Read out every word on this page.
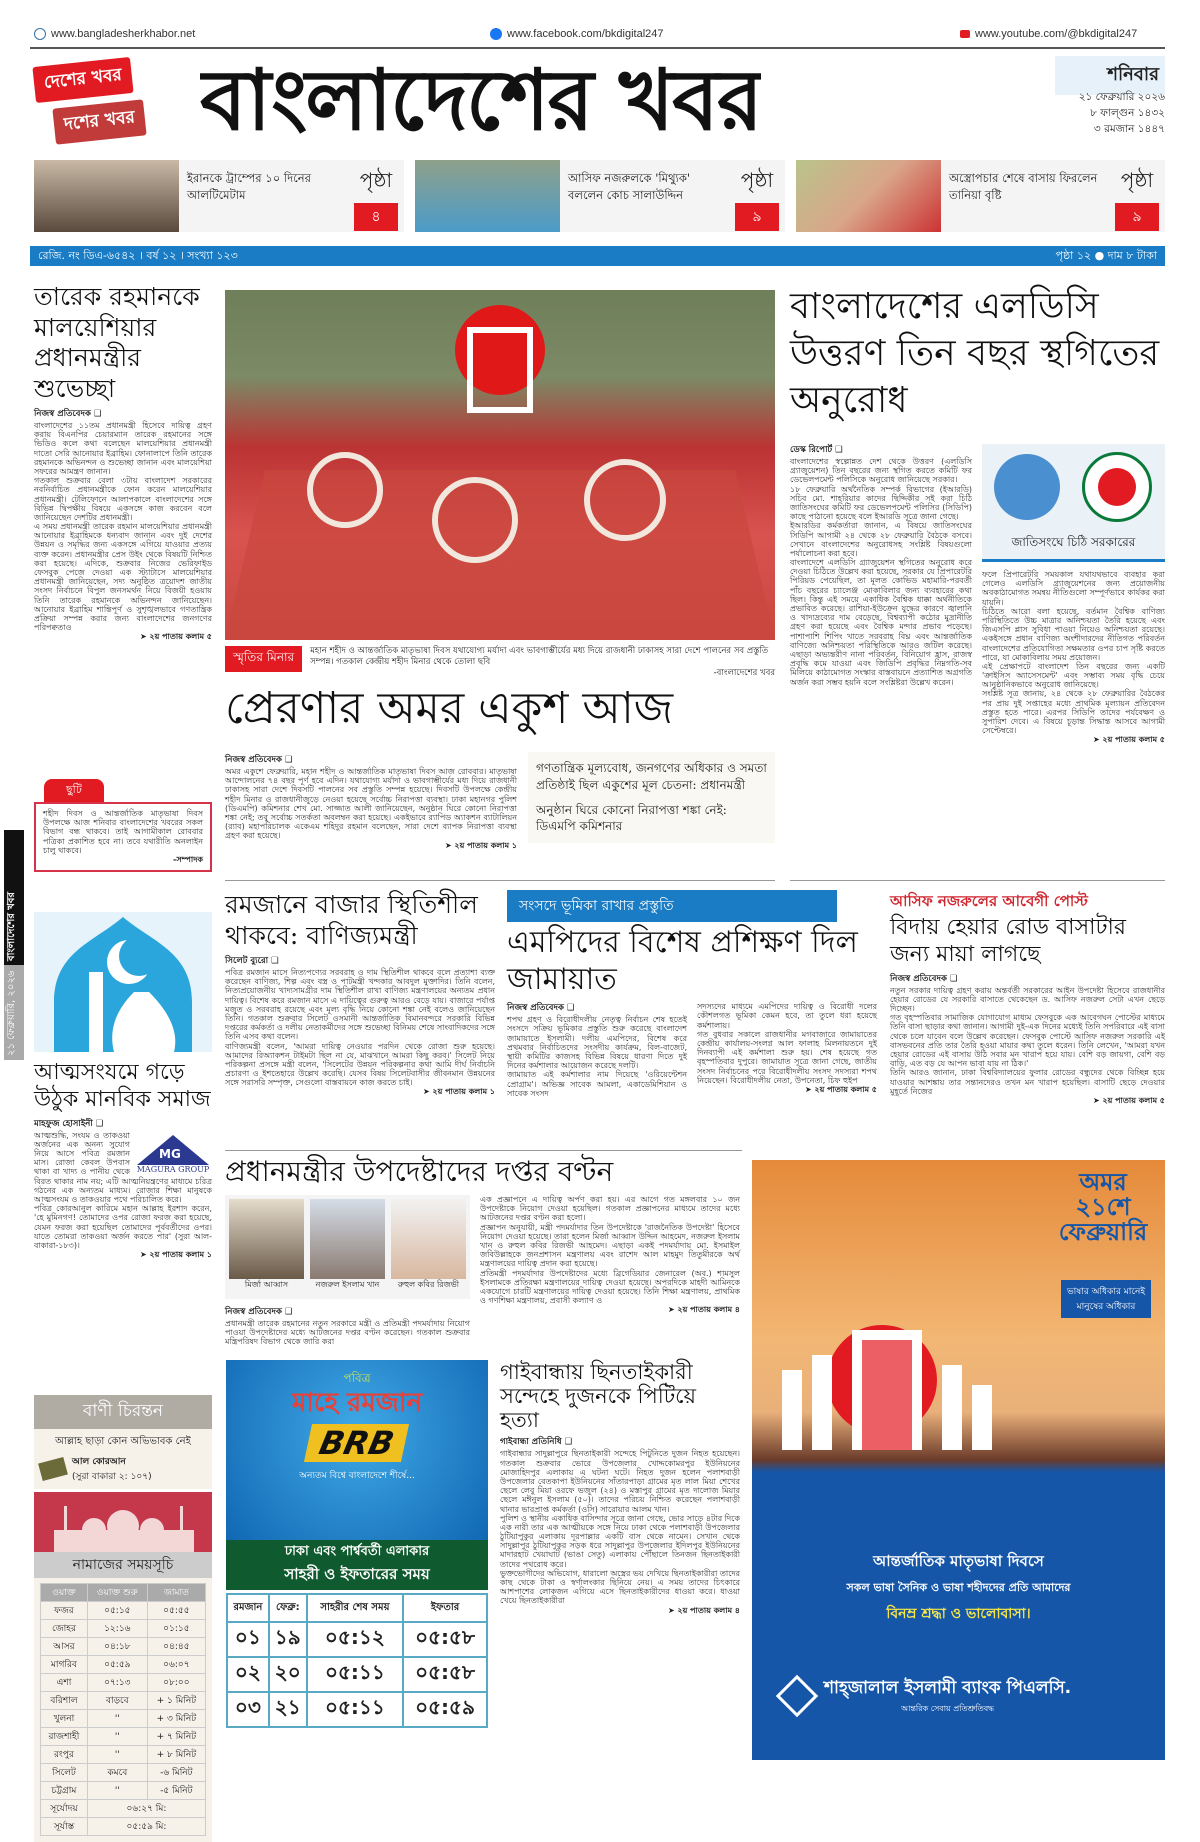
www.bangladesherkhabor.net	www.facebook.com/bkdigital247	www.youtube.com/@bkdigital247
দেশের খবর
দশের খবর বাংলাদেশের খবর	শনিবার
২১ ফেব্রুয়ারি ২০২৬
৮ ফাল্গুন ১৪৩২
৩ রমজান ১৪৪৭
ইরানকে ট্রাম্পের ১০ দিনের আলটিমেটাম
পৃষ্ঠা
৪
আসিফ নজরুলকে 'মিথ্যুক' বললেন কোচ সালাউদ্দিন
পৃষ্ঠা
৯
অস্ত্রোপচার শেষে বাসায় ফিরলেন তানিয়া বৃষ্টি
পৃষ্ঠা
৯
রেজি. নং ডিএ-৬৫৪২ । বর্ষ ১২ । সংখ্যা ১২৩	পৃষ্ঠা ১২ ● দাম ৮ টাকা
২১ ফেব্রুয়ারি, ২০২৬
বাংলাদেশের খবর
তারেক রহমানকে মালয়েশিয়ার প্রধানমন্ত্রীর শুভেচ্ছা
নিজস্ব প্রতিবেদক ❑

বাংলাদেশের ১১তম প্রধানমন্ত্রী হিসেবে দায়িত্ব গ্রহণ করায় বিএনপির চেয়ারম্যান তারেক রহমানের সঙ্গে ভিডিও কলে কথা বলেছেন মালয়েশিয়ার প্রধানমন্ত্রী দাতো সেরি আনোয়ার ইব্রাহিম। ফোনালাপে তিনি তারেক রহমানকে অভিনন্দন ও শুভেচ্ছা জানান এবং মালয়েশিয়া সফরের আমন্ত্রণ জানান।

গতকাল শুক্রবার বেলা ৩টায় বাংলাদেশ সরকারের নবনির্বাচিত প্রধানমন্ত্রীকে ফোন করেন মালয়েশিয়ার প্রধানমন্ত্রী। টেলিফোনে আলাপকালে বাংলাদেশের সঙ্গে বিভিন্ন দ্বিপক্ষীয় বিষয়ে একসঙ্গে কাজ করবেন বলে জানিয়েছেন দেশটির প্রধানমন্ত্রী।

এ সময় প্রধানমন্ত্রী তারেক রহমান মালয়েশিয়ার প্রধানমন্ত্রী আনোয়ার ইব্রাহিমকে ধন্যবাদ জানান এবং দুই দেশের উন্নয়ন ও সমৃদ্ধির জন্য একসঙ্গে এগিয়ে যাওয়ার প্রত্যয় ব্যক্ত করেন। প্রধানমন্ত্রীর প্রেস উইং থেকে বিষয়টি নিশ্চিত করা হয়েছে। এদিকে, শুক্রবার নিজের ভেরিফাইড ফেসবুক পেজে দেওয়া এক স্ট্যাটাসে মালয়েশিয়ার প্রধানমন্ত্রী জানিয়েছেন, সদ্য অনুষ্ঠিত ত্রয়োদশ জাতীয় সংসদ নির্বাচনে বিপুল জনসমর্থন নিয়ে বিজয়ী হওয়ায় তিনি তারেক রহমানকে অভিনন্দন জানিয়েছেন। আনোয়ার ইব্রাহিম শান্তিপূর্ণ ও সুশৃঙ্খলভাবে গণতান্ত্রিক প্রক্রিয়া সম্পন্ন করার জন্য বাংলাদেশের জনগণের পরিপক্বতাও

➤ ২য় পাতায় কলাম ৫
ছুটি
শহীদ দিবস ও আন্তর্জাতিক মাতৃভাষা দিবস উপলক্ষে আজ শনিবার বাংলাদেশের খবরের সকল বিভাগ বন্ধ থাকবে। তাই আগামীকাল রোববার পত্রিকা প্রকাশিত হবে না। তবে যথারীতি অনলাইন চালু থাকবে।
-সম্পাদক
আত্মসংযমে গড়ে উঠুক মানবিক সমাজ
মাহফুজ হোসাইনী ❑
MG
MAGURA GROUP

আত্মশুদ্ধি, সংযম ও তাকওয়া অর্জনের এক অনন্য সুযোগ নিয়ে আসে পবিত্র রমজান মাস। রোজা কেবল উপবাস থাকা বা খাদ্য ও পানীয় থেকে বিরত থাকার নাম নয়; এটি আত্মনিয়ন্ত্রণের মাধ্যমে চরিত্র গঠনের এক অন্যতম মাধ্যম। রোজার শিক্ষা মানুষকে আত্মসংযম ও তাকওয়ার পথে পরিচালিত করে।

পবিত্র কোরআনুল কারিমে মহান আল্লাহ ইরশাদ করেন, 'হে মুমিনগণ! তোমাদের ওপর রোজা ফরজ করা হয়েছে, যেমন ফরজ করা হয়েছিল তোমাদের পূর্ববর্তীদের ওপর। যাতে তোমরা তাকওয়া অর্জন করতে পার' (সুরা আল-বাকারা-১৮৩)।

➤ ২য় পাতায় কলাম ১
বাণী চিরন্তন
আল্লাহ ছাড়া কোন অভিভাবক নেই
আল কোরআন
(সুরা বাকারা ২: ১০৭)
নামাজের সময়সূচি
ওয়াক্ত	ওয়াক্ত শুরু	জামাত
ফজর	০৫:১৫	০৫:৫৫
জোহর	১২:১৬	০১:১৫
আসর	০৪:১৮	০৪:৪৫
মাগরিব	০৫:৫৯	০৬:০৭
এশা	০৭:১৩	০৮:০০
বরিশাল	বাড়বে	+ ১ মিনিট
খুলনা	''	+ ৩ মিনিট
রাজশাহী	''	+ ৭ মিনিট
রংপুর	''	+ ৮ মিনিট
সিলেট	কমবে	-৬ মিনিট
চট্টগ্রাম	''	-৫ মিনিট
সূর্যোদয়	০৬:২৭ মি:	
সূর্যাস্ত	০৫:৫৯ মি:	
স্মৃতির মিনার	মহান শহীদ ও আন্তর্জাতিক মাতৃভাষা দিবস যথাযোগ্য মর্যাদা এবং ভাবগাম্ভীর্যের মধ্য দিয়ে রাজধানী ঢাকাসহ সারা দেশে পালনের সব প্রস্তুতি সম্পন্ন। গতকাল কেন্দ্রীয় শহীদ মিনার থেকে তোলা ছবি
-বাংলাদেশের খবর
প্রেরণার অমর একুশ আজ
নিজস্ব প্রতিবেদক ❑

অমর একুশে ফেব্রুয়ারি, মহান শহীদ ও আন্তর্জাতিক মাতৃভাষা দিবস আজ রোববার। মাতৃভাষা আন্দোলনের ৭৪ বছর পূর্ণ হবে এদিন। যথাযোগ্য মর্যাদা ও ভাবগাম্ভীর্যের মধ্য দিয়ে রাজধানী ঢাকাসহ সারা দেশে দিবসটি পালনের সব প্রস্তুতি সম্পন্ন হয়েছে। দিবসটি উপলক্ষে কেন্দ্রীয় শহীদ মিনার ও রাজধানীজুড়ে নেওয়া হয়েছে সর্বোচ্চ নিরাপত্তা ব্যবস্থা। ঢাকা মহানগর পুলিশ (ডিএমপি) কমিশনার শেখ মো. সাজ্জাত আলী জানিয়েছেন, অনুষ্ঠান ঘিরে কোনো নিরাপত্তা শঙ্কা নেই; তবু সর্বোচ্চ সতর্কতা অবলম্বন করা হয়েছে। একইভাবে র‍্যাপিড অ্যাকশন ব্যাটালিয়ন (র‍্যাব) মহাপরিচালক একেএম শহিদুর রহমান বলেছেন, সারা দেশে ব্যাপক নিরাপত্তা ব্যবস্থা গ্রহণ করা হয়েছে।

➤ ২য় পাতায় কলাম ১
গণতান্ত্রিক মূল্যবোধ, জনগণের অধিকার ও সমতা প্রতিষ্ঠাই ছিল একুশের মূল চেতনা: প্রধানমন্ত্রী
অনুষ্ঠান ঘিরে কোনো নিরাপত্তা শঙ্কা নেই: ডিএমপি কমিশনার
বাংলাদেশের এলডিসি উত্তরণ তিন বছর স্থগিতের অনুরোধ
ডেস্ক রিপোর্ট ❑

বাংলাদেশের স্বল্পোন্নত দেশ থেকে উত্তরণ (এলডিসি গ্র্যাজুয়েশন) তিন বছরের জন্য স্থগিত করতে কমিটি ফর ডেভেলপমেন্ট পলিসিকে অনুরোধ জানিয়েছে সরকার।

১৮ ফেব্রুয়ারি অর্থনৈতিক সম্পর্ক বিভাগের (ইআরডি) সচিব মো. শাহরিয়ার কাদের ছিদ্দিকীর সই করা চিঠি জাতিসংঘের কমিটি ফর ডেভেলপমেন্ট পলিসির (সিডিপি) কাছে পাঠানো হয়েছে বলে ইআরডি সূত্রে জানা গেছে।

ইআরডির কর্মকর্তারা জানান, এ বিষয়ে জাতিসংঘের সিডিপি আগামী ২৪ থেকে ২৮ ফেব্রুয়ারি বৈঠকে বসবে। সেখানে বাংলাদেশের অনুরোধসহ সংশ্লিষ্ট বিষয়গুলো পর্যালোচনা করা হবে।

বাংলাদেশে এলডিসি গ্র্যাজুয়েশন স্থগিতের অনুরোধ করে দেওয়া চিঠিতে উল্লেখ করা হয়েছে, সরকার যে প্রিপারেটরি পিরিয়ড পেয়েছিল, তা মূলত কোভিড মহামারি-পরবর্তী পাঁচ বছরের চ্যালেঞ্জ মোকাবিলার জন্য ব্যবহারের কথা ছিল। কিন্তু এই সময়ে একাধিক বৈশ্বিক ধাক্কা অর্থনীতিকে প্রভাবিত করেছে। রাশিয়া-ইউক্রেন যুদ্ধের কারণে জ্বালানি ও খাদ্যদ্রব্যের দাম বেড়েছে, বিশ্বব্যাপী কঠোর মুদ্রানীতি গ্রহণ করা হয়েছে এবং বৈশ্বিক মন্দার প্রভাব পড়েছে। পাশাপাশি শিপিং খাতে সরবরাহ বিঘ্ন এবং আন্তর্জাতিক বাণিজ্যে অনিশ্চয়তা পরিস্থিতিকে আরও জটিল করেছে। এছাড়া অভ্যন্তরীণ নানা পরিবর্তন, বিনিয়োগ হ্রাস, রাজস্ব প্রবৃদ্ধি কমে যাওয়া এবং জিডিপি প্রবৃদ্ধির নিম্নগতি-সব মিলিয়ে কাঠামোগত সংস্কার বাস্তবায়নে প্রত্যাশিত অগ্রগতি অর্জন করা সম্ভব হয়নি বলে সংশ্লিষ্টরা উল্লেখ করেন।

জাতিসংঘে চিঠি সরকারের

ফলে প্রিপারেটরি সময়কাল যথাযথভাবে ব্যবহার করা গেলেও এলডিসি গ্র্যাজুয়েশনের জন্য প্রয়োজনীয় অবকাঠামোগত সমন্বয় নীতিগুলো সম্পূর্ণভাবে কার্যকর করা যায়নি।

চিঠিতে আরো বলা হয়েছে, বর্তমান বৈশ্বিক বাণিজ্য পরিস্থিতিতে উচ্চ মাত্রার অনিশ্চয়তা তৈরি হয়েছে এবং জিএসপি প্লাস সুবিধা পাওয়া নিয়েও অনিশ্চয়তা রয়েছে। একইসঙ্গে প্রধান বাণিজ্য অংশীদারদের নীতিগত পরিবর্তন বাংলাদেশের প্রতিযোগিতা সক্ষমতার ওপর চাপ সৃষ্টি করতে পারে, যা মোকাবিলায় সময় প্রয়োজন।

এই প্রেক্ষাপটে বাংলাদেশ তিন বছরের জন্য একটি 'ক্রাইসিস অ্যাসেসমেন্ট' এবং সম্ভাব্য সময় বৃদ্ধি চেয়ে আনুষ্ঠানিকভাবে অনুরোধ জানিয়েছে।

সংশ্লিষ্ট সূত্র জানায়, ২৪ থেকে ২৮ ফেব্রুয়ারির বৈঠকের পর প্রায় দুই সপ্তাহের মধ্যে প্রাথমিক মূল্যায়ন প্রতিবেদন প্রস্তুত হতে পারে। এরপর সিডিপি তাদের পর্যবেক্ষণ ও সুপারিশ দেবে। এ বিষয়ে চূড়ান্ত সিদ্ধান্ত আসবে আগামী সেপ্টেম্বরে।

➤ ২য় পাতায় কলাম ৫
রমজানে বাজার স্থিতিশীল থাকবে: বাণিজ্যমন্ত্রী
সিলেট ব্যুরো ❑

পবিত্র রমজান মাসে নিত্যপণ্যের সরবরাহ ও দাম স্থিতিশীল থাকবে বলে প্রত্যাশা ব্যক্ত করেছেন বাণিজ্য, শিল্প এবং বস্ত্র ও পাটমন্ত্রী খন্দকার আবদুল মুক্তাদির। তিনি বলেন, নিত্যপ্রয়োজনীয় খাদ্যসামগ্রীর দাম স্থিতিশীল রাখা বাণিজ্য মন্ত্রণালয়ের অন্যতম প্রধান দায়িত্ব। বিশেষ করে রমজান মাসে এ দায়িত্বের গুরুত্ব আরও বেড়ে যায়। বাজারে পর্যাপ্ত মজুত ও সরবরাহ রয়েছে এবং মূল্য বৃদ্ধি নিয়ে কোনো শঙ্কা নেই বলেও জানিয়েছেন তিনি। গতকাল শুক্রবার সিলেট ওসমানী আন্তর্জাতিক বিমানবন্দরে সরকারি বিভিন্ন দপ্তরের কর্মকর্তা ও দলীয় নেতাকর্মীদের সঙ্গে শুভেচ্ছা বিনিময় শেষে সাংবাদিকদের সঙ্গে তিনি এসব কথা বলেন।

বাণিজ্যমন্ত্রী বলেন, 'আমরা দায়িত্ব নেওয়ার পরদিন থেকে রোজা শুরু হয়েছে। আমাদের রিঅ্যাকশন টাইমটা ছিল না যে, মাঝখানে আমরা কিছু করব।' সিলেট নিয়ে পরিকল্পনা প্রসঙ্গে মন্ত্রী বলেন, 'সিলেটের উন্নয়ন পরিকল্পনার কথা আমি দীর্ঘ নির্বাচনি প্রচারণা ও ইশতেহারে উল্লেখ করেছি। যেসব বিষয় সিলেটবাসীর জীবনমান উন্নয়নের সঙ্গে সরাসরি সম্পৃক্ত, সেগুলো বাস্তবায়নে কাজ করতে চাই।

➤ ২য় পাতায় কলাম ১
সংসদে ভূমিকা রাখার প্রস্তুতি
এমপিদের বিশেষ প্রশিক্ষণ দিল জামায়াত
নিজস্ব প্রতিবেদক ❑

শপথ গ্রহণ ও বিরোধীদলীয় নেতৃত্ব নির্বাচন শেষ হতেই সংসদে সক্রিয় ভূমিকার প্রস্তুতি শুরু করেছে বাংলাদেশ জামায়াতে ইসলামী। দলীয় এমপিদের, বিশেষ করে প্রথমবার নির্বাচিতদের সংসদীয় কার্যক্রম, বিল-বাজেট, স্থায়ী কমিটির কাজসহ বিভিন্ন বিষয়ে ধারণা দিতে দুই দিনের কর্মশালার আয়োজন করেছে দলটি।

জামায়াত এই কর্মশালার নাম দিয়েছে 'ওরিয়েন্টেশন প্রোগ্রাম'। অভিজ্ঞ সাবেক আমলা, একাডেমিশিয়ান ও সাবেক সংসদ

সদস্যদের মাধ্যমে এমপিদের দায়িত্ব ও বিরোধী দলের কৌশলগত ভূমিকা কেমন হবে, তা তুলে ধরা হয়েছে কর্মশালায়।

গত বুধবার সকালে রাজধানীর মগবাজারে জামায়াতের কেন্দ্রীয় কার্যালয়-সংলগ্ন আল ফালাহ মিলনায়তনে দুই দিনব্যাপী এই কর্মশালা শুরু হয়। শেষ হয়েছে গত বৃহস্পতিবার দুপুরে। জামায়াত সূত্রে জানা গেছে, জাতীয় সংসদ নির্বাচনের পরে বিরোধীদলীয় সংসদ সদস্যরা শপথ নিয়েছেন। বিরোধীদলীয় নেতা, উপনেতা, চিফ হুইপ

➤ ২য় পাতায় কলাম ৫
আসিফ নজরুলের আবেগী পোস্ট
বিদায় হেয়ার রোড বাসাটার জন্য মায়া লাগছে
নিজস্ব প্রতিবেদক ❑

নতুন সরকার দায়িত্ব গ্রহণ করায় অন্তর্বর্তী সরকারের আইন উপদেষ্টা হিসেবে রাজধানীর হেয়ার রোডের যে সরকারি বাসাতে থেকেছেন ড. আসিফ নজরুল সেটা এখন ছেড়ে দিচ্ছেন।

গত বৃহস্পতিবার সামাজিক যোগাযোগ মাধ্যম ফেসবুকে এক আবেগঘন পোস্টের মাধ্যমে তিনি বাসা ছাড়ার কথা জানান। আগামী দুই-এক দিনের মধ্যেই তিনি সপরিবারে এই বাসা থেকে চলে যাবেন বলে উল্লেখ করেছেন। ফেসবুক পোস্টে আসিফ নজরুল সরকারি এই বাসভবনের প্রতি তার তৈরি হওয়া মায়ার কথা তুলে ধরেন। তিনি লেখেন, 'আমরা যখন হেয়ার রোডের এই বাসায় উঠি সবার মন খারাপ হয়ে যায়। বেশি বড় জায়গা, বেশি বড় বাড়ি, এত বড় যে আপন ভাবা যায় না ঠিক।'

তিনি আরও জানান, ঢাকা বিশ্ববিদ্যালয়ের ফুলার রোডের বন্ধুদের থেকে বিচ্ছিন্ন হয়ে যাওয়ার আশঙ্কায় তার সন্তানদেরও তখন মন খারাপ হয়েছিল। বাসাটি ছেড়ে দেওয়ার মুহূর্তে নিজের

➤ ২য় পাতায় কলাম ৫
প্রধানমন্ত্রীর উপদেষ্টাদের দপ্তর বণ্টন
মির্জা আব্বাস	নজরুল ইসলাম খান	রুহুল কবির রিজভী
নিজস্ব প্রতিবেদক ❑

প্রধানমন্ত্রী তারেক রহমানের নতুন সরকারে মন্ত্রী ও প্রতিমন্ত্রী পদমর্যাদায় নিয়োগ পাওয়া উপদেষ্টাদের মধ্যে আটজনের দপ্তর বণ্টন করেছেন। গতকাল শুক্রবার মন্ত্রিপরিষদ বিভাগ থেকে জারি করা

এক প্রজ্ঞাপনে এ দায়িত্ব অর্পণ করা হয়। এর আগে গত মঙ্গলবার ১০ জন উপদেষ্টাকে নিয়োগ দেওয়া হয়েছিল। গতকাল প্রজ্ঞাপনের মাধ্যমে তাদের মধ্যে আটজনের দপ্তর বণ্টন করা হলো।

প্রজ্ঞাপন অনুযায়ী, মন্ত্রী পদমর্যাদার তিন উপদেষ্টাকে 'রাজনৈতিক উপদেষ্টা' হিসেবে নিয়োগ দেওয়া হয়েছে। তারা হলেন মির্জা আব্বাস উদ্দিন আহমেদ, নজরুল ইসলাম খান ও রুহুল কবির রিজভী আহমেদ। এছাড়া একই পদমর্যাদায় মো. ইসমাইল জবিউল্লাহকে জনপ্রশাসন মন্ত্রণালয় এবং রাশেদ আল মাহমুদ তিতুমীরকে অর্থ মন্ত্রণালয়ের দায়িত্ব প্রদান করা হয়েছে।

প্রতিমন্ত্রী পদমর্যাদার উপদেষ্টাদের মধ্যে ব্রিগেডিয়ার জেনারেল (অব.) শামসুল ইসলামকে প্রতিরক্ষা মন্ত্রণালয়ের দায়িত্ব দেওয়া হয়েছে। অপরদিকে মাহদী আমিনকে একযোগে চারটি মন্ত্রণালয়ের দায়িত্ব দেওয়া হয়েছে। তিনি শিক্ষা মন্ত্রণালয়, প্রাথমিক ও গণশিক্ষা মন্ত্রণালয়, প্রবাসী কল্যাণ ও

➤ ২য় পাতায় কলাম ৪
পবিত্র
মাহে রমজান
BRB
অন্যতম বিশ্বে বাংলাদেশে শীর্ষে...
ঢাকা এবং পার্শ্ববর্তী এলাকার
সাহরী ও ইফতারের সময়
রমজান	ফেব্রু:	সাহরীর শেষ সময়	ইফতার
০১	১৯	০৫:১২	০৫:৫৮
০২	২০	০৫:১১	০৫:৫৮
০৩	২১	০৫:১১	০৫:৫৯
গাইবান্ধায় ছিনতাইকারী সন্দেহে দুজনকে পিটিয়ে হত্যা
গাইবান্ধা প্রতিনিধি ❑

গাইবান্ধার সাদুল্লাপুরে ছিনতাইকারী সন্দেহে পিটুনিতে দুজন নিহত হয়েছেন। গতকাল শুক্রবার ভোরে উপজেলার খোদ্দকোমরপুর ইউনিয়নের মোজাহিদপুর এলাকায় এ ঘটনা ঘটে। নিহত দুজন হলেন পলাশবাড়ী উপজেলার বেতকাপা ইউনিয়নের সাঁতারপাড়া গ্রামের মৃত লাল মিয়া শেখের ছেলে লেবু মিয়া ওরফে ভজুল (২৪) ও মস্তাপুর গ্রামের মৃত দালোজ মিয়ার ছেলে মঈনুল ইসলাম (৫০)। তাদের পরিচয় নিশ্চিত করেছেন পলাশবাড়ী থানার ভারপ্রাপ্ত কর্মকর্তা (ওসি) সারোয়ার আলম খান।

পুলিশ ও স্থানীয় একাধিক বাসিন্দার সূত্রে জানা গেছে, ভোর সাড়ে ৪টার দিকে এক নারী তার এক আত্মীয়কে সঙ্গে নিয়ে ঢাকা থেকে পলাশবাড়ী উপজেলার ঠুটিয়াপুকুর এলাকায় দূরপাল্লার একটি বাস থেকে নামেন। সেখান থেকে সাদুল্লাপুর ঠুটিয়াপুকুর সড়ক ধরে সাদুল্লাপুর উপজেলার ইদিলপুর ইউনিয়নের মাদারহাট খেয়াঘাট (ভাঙা সেতু) এলাকায় পৌঁছালে তিনজন ছিনতাইকারী তাদের পথরোধ করে।

ভুক্তভোগীদের অভিযোগ, ধারালো অস্ত্রের ভয় দেখিয়ে ছিনতাইকারীরা তাদের কাছ থেকে টাকা ও স্বর্ণালংকার ছিনিয়ে নেয়। এ সময় তাদের চিৎকারে আশপাশের লোকজন এগিয়ে এসে ছিনতাইকারীদের ধাওয়া করে। ধাওয়া খেয়ে ছিনতাইকারীরা

➤ ২য় পাতায় কলাম ৪
অমর ২১শে ফেব্রুয়ারি
ভাষার অধিকার মানেই মানুষের অধিকার
আন্তর্জাতিক মাতৃভাষা দিবসে
সকল ভাষা সৈনিক ও ভাষা শহীদদের প্রতি আমাদের
বিনম্র শ্রদ্ধা ও ভালোবাসা।
শাহ্‌জালাল ইসলামী ব্যাংক পিএলসি.
আন্তরিক সেবায় প্রতিশ্রুতিবদ্ধ
